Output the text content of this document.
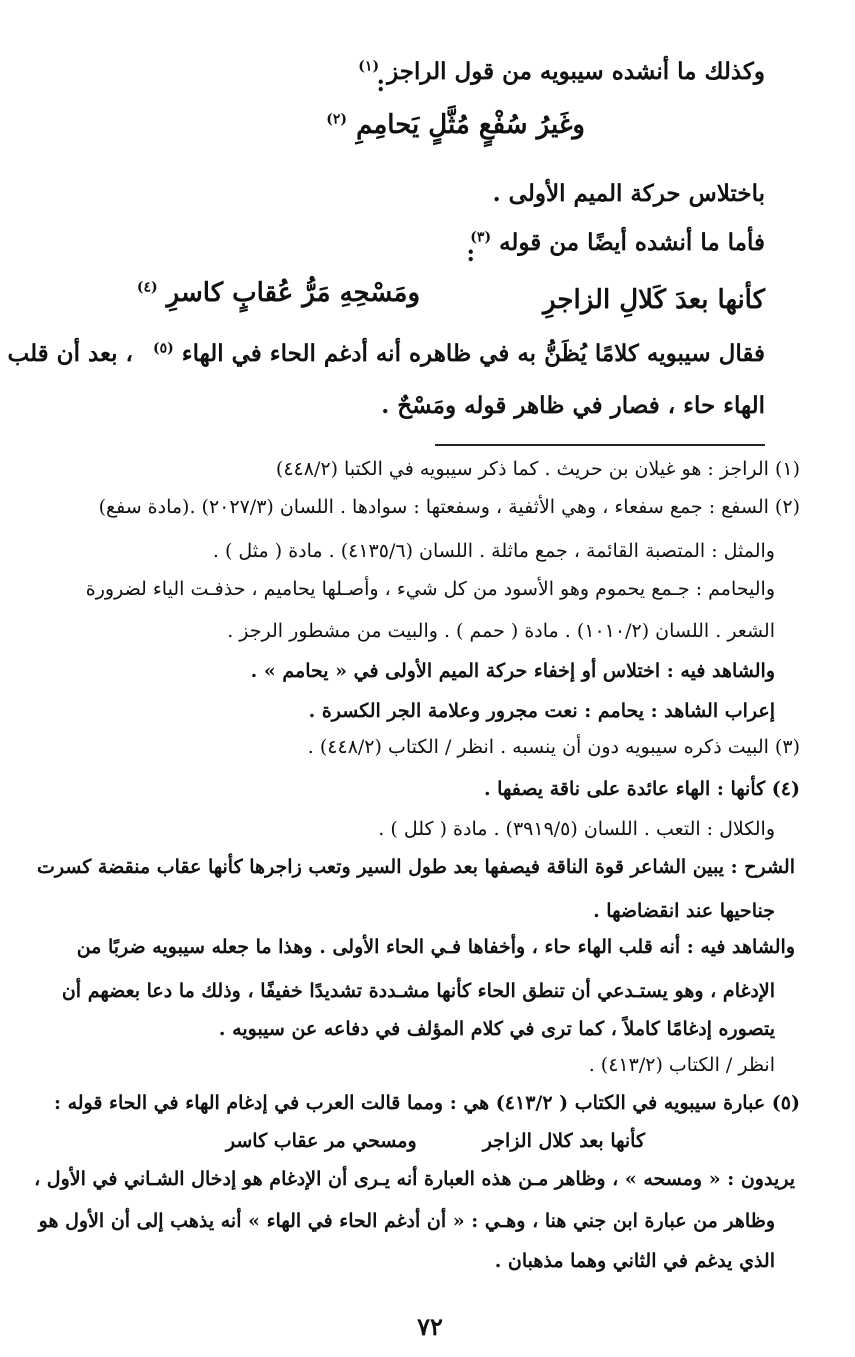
وكذلك ما أنشده سيبويه من قول الراجز $^{(١)}$
:
وغَيرُ سُفْعٍ مُثَّلٍ يَحامِمِ $^{(٢)}$
باختلاس حركة الميم الأولى .
فأما ما أنشده أيضًا من قوله $^{(٣)}$
:
كأنها بعدَ كَلالِ الزاجرِ
ومَسْحِهِ مَرُّ عُقابٍ كاسرِ $^{(٤)}$
فقال سيبويه كلامًا يُظَنُّ به في ظاهره أنه أدغم الحاء في الهاء $^{(٥)}$ ، بعد أن قلب
الهاء حاء ، فصار في ظاهر قوله ومَسْحٌ .
(١) الراجز : هو غيلان بن حريث . كما ذكر سيبويه في الكتبا (٤٤٨/٢)
(٢) السفع : جمع سفعاء ، وهي الأثفية ، وسفعتها : سوادها . اللسان (٢٠٢٧/٣) .(مادة سفع)
والمثل : المتصبة القائمة ، جمع ماثلة . اللسان (٤١٣٥/٦) . مادة ( مثل ) .
واليحامم : جـمع يحموم وهو الأسود من كل شيء ، وأصـلها يحاميم ، حذفـت الياء لضرورة
الشعر . اللسان (١٠١٠/٢) . مادة ( حمم ) . والبيت من مشطور الرجز .
والشاهد فيه : اختلاس أو إخفاء حركة الميم الأولى في « يحامم » .
إعراب الشاهد : يحامم : نعت مجرور وعلامة الجر الكسرة .
(٣) البيت ذكره سيبويه دون أن ينسبه . انظر / الكتاب (٤٤٨/٢) .
(٤) كأنها : الهاء عائدة على ناقة يصفها .
والكلال : التعب . اللسان (٣٩١٩/٥) . مادة ( كلل ) .
الشرح : يبين الشاعر قوة الناقة فيصفها بعد طول السير وتعب زاجرها كأنها عقاب منقضة كسرت
جناحيها عند انقضاضها .
والشاهد فيه : أنه قلب الهاء حاء ، وأخفاها فـي الحاء الأولى . وهذا ما جعله سيبويه ضربًا من
الإدغام ، وهو يستـدعي أن تنطق الحاء كأنها مشـددة تشديدًا خفيفًا ، وذلك ما دعا بعضهم أن
يتصوره إدغامًا كاملاً ، كما ترى في كلام المؤلف في دفاعه عن سيبويه .
انظر / الكتاب (٤١٣/٢) .
(٥) عبارة سيبويه في الكتاب ( ٤١٣/٢) هي : ومما قالت العرب في إدغام الهاء في الحاء قوله :
كأنها بعد كلال الزاجر          ومسحي مر عقاب كاسر
يريدون : « ومسحه » ، وظاهر مـن هذه العبارة أنه يـرى أن الإدغام هو إدخال الشـاني في الأول ،
وظاهر من عبارة ابن جني هنا ، وهـي : « أن أدغم الحاء في الهاء » أنه يذهب إلى أن الأول هو
الذي يدغم في الثاني وهما مذهبان .
٧٢
